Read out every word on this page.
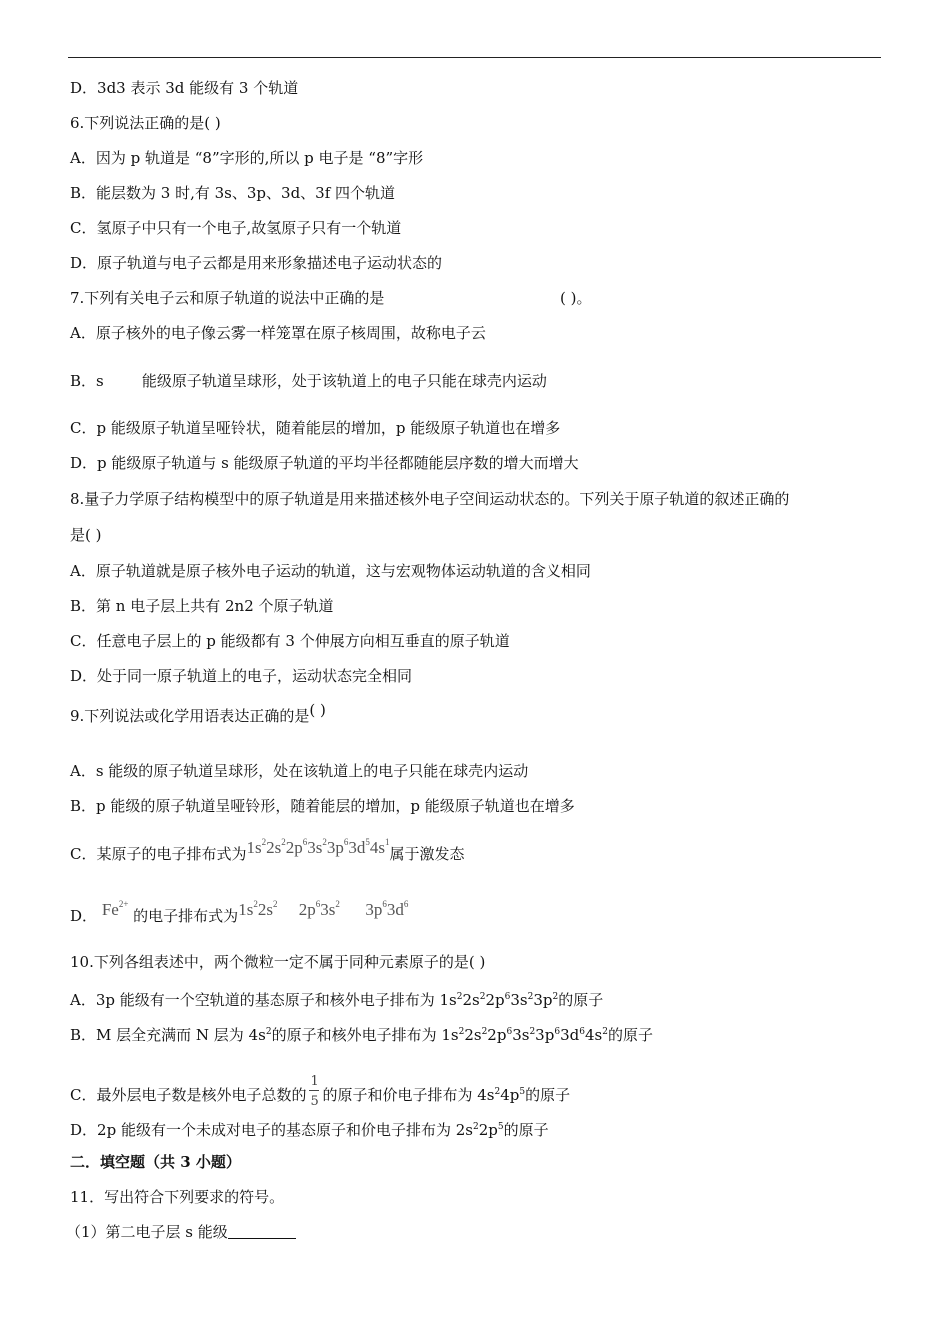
D．3d3 表示 3d 能级有 3 个轨道
6.下列说法正确的是( )
A．因为 p 轨道是 “8”字形的,所以 p 电子是 “8”字形
B．能层数为 3 时,有 3s、3p、3d、3f 四个轨道
C．氢原子中只有一个电子,故氢原子只有一个轨道
D．原子轨道与电子云都是用来形象描述电子运动状态的
7.下列有关电子云和原子轨道的说法中正确的是	( )。
A．原子核外的电子像云雾一样笼罩在原子核周围，故称电子云
B．s        能级原子轨道呈球形，处于该轨道上的电子只能在球壳内运动
C．p 能级原子轨道呈哑铃状，随着能层的增加，p 能级原子轨道也在增多
D．p 能级原子轨道与 s 能级原子轨道的平均半径都随能层序数的增大而增大
8.量子力学原子结构模型中的原子轨道是用来描述核外电子空间运动状态的。下列关于原子轨道的叙述正确的
是( )
A．原子轨道就是原子核外电子运动的轨道，这与宏观物体运动轨道的含义相同
B．第 n 电子层上共有 2n2 个原子轨道
C．任意电子层上的 p 能级都有 3 个伸展方向相互垂直的原子轨道
D．处于同一原子轨道上的电子，运动状态完全相同
9.下列说法或化学用语表达正确的是( )
A．s 能级的原子轨道呈球形，处在该轨道上的电子只能在球壳内运动
B．p 能级的原子轨道呈哑铃形，随着能层的增加，p 能级原子轨道也在增多
C．某原子的电子排布式为$1s^22s^22p^63s^23p^63d^54s^1$属于激发态
D． $Fe^{2+}$ 的电子排布式为$1s^22s^2$ $2p^63s^2$ $3p^63d^6$
10.下列各组表述中，两个微粒一定不属于同种元素原子的是( )
A．3p 能级有一个空轨道的基态原子和核外电子排布为 $1s^22s^22p^63s^23p^2$的原子
B．M 层全充满而 N 层为 $4s^2$的原子和核外电子排布为 $1s^22s^22p^63s^23p^63d^64s^2$的原子
C．最外层电子数是核外电子总数的 $\frac{1}{5}$ 的原子和价电子排布为 $4s^24p^5$的原子
D．2p 能级有一个未成对电子的基态原子和价电子排布为 $2s^22p^5$的原子
二．填空题（共 3 小题）
11．写出符合下列要求的符号。
（1）第二电子层 s 能级
